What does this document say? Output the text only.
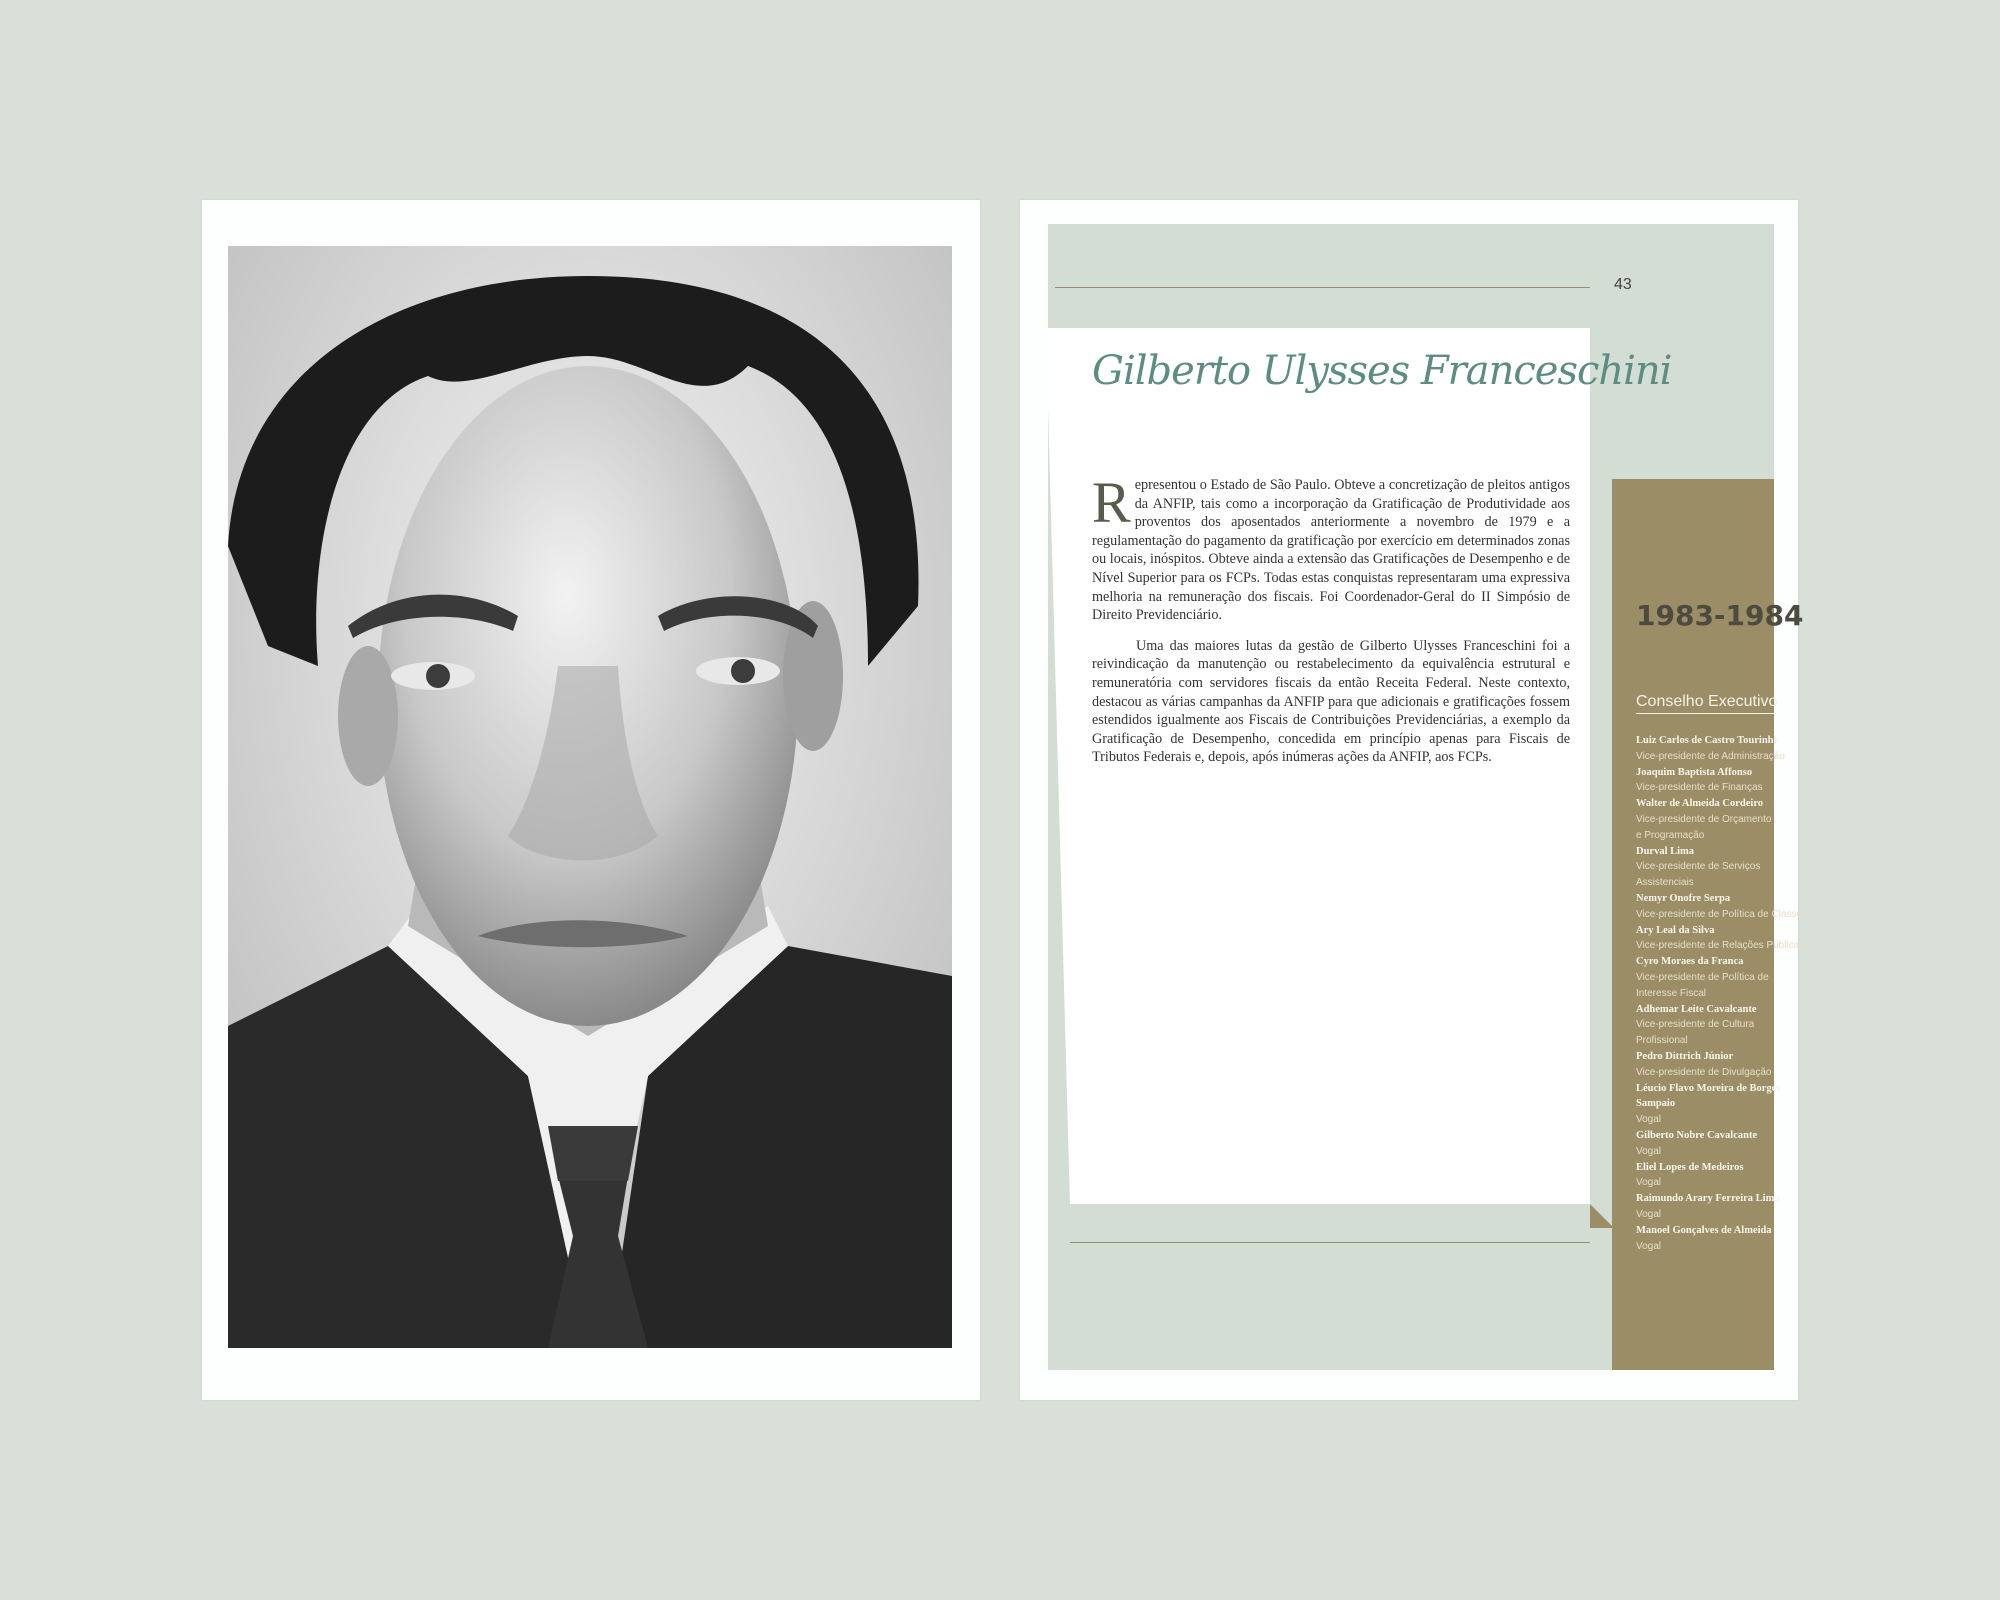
43
Gilberto Ulysses Franceschini

Representou o Estado de São Paulo. Obteve a concretização de pleitos antigos da ANFIP, tais como a incorporação da Gratificação de Produtividade aos proventos dos aposentados anteriormente a novembro de 1979 e a regulamentação do pagamento da gratificação por exercício em determinados zonas ou locais, inóspitos. Obteve ainda a extensão das Gratificações de Desempenho e de Nível Superior para os FCPs. Todas estas conquistas representaram uma expressiva melhoria na remuneração dos fiscais. Foi Coordenador-Geral do II Simpósio de Direito Previdenciário.

Uma das maiores lutas da gestão de Gilberto Ulysses Franceschini foi a reivindicação da manutenção ou restabelecimento da equivalência estrutural e remuneratória com servidores fiscais da então Receita Federal. Neste contexto, destacou as várias campanhas da ANFIP para que adicionais e gratificações fossem estendidos igualmente aos Fiscais de Contribuições Previdenciárias, a exemplo da Gratificação de Desempenho, concedida em princípio apenas para Fiscais de Tributos Federais e, depois, após inúmeras ações da ANFIP, aos FCPs.

1983-1984
Conselho Executivo
Luiz Carlos de Castro Tourinho
Vice-presidente de Administração
Joaquim Baptista Affonso
Vice-presidente de Finanças
Walter de Almeida Cordeiro
Vice-presidente de Orçamento e Programação
Durval Lima
Vice-presidente de Serviços Assistenciais
Nemyr Onofre Serpa
Vice-presidente de Política de Classe
Ary Leal da Silva
Vice-presidente de Relações Públicas
Cyro Moraes da Franca
Vice-presidente de Política de Interesse Fiscal
Adhemar Leite Cavalcante
Vice-presidente de Cultura Profissional
Pedro Dittrich Júnior
Vice-presidente de Divulgação
Léucio Flavo Moreira de Borges Sampaio
Vogal
Gilberto Nobre Cavalcante
Vogal
Eliel Lopes de Medeiros
Vogal
Raimundo Arary Ferreira Lima
Vogal
Manoel Gonçalves de Almeida
Vogal
